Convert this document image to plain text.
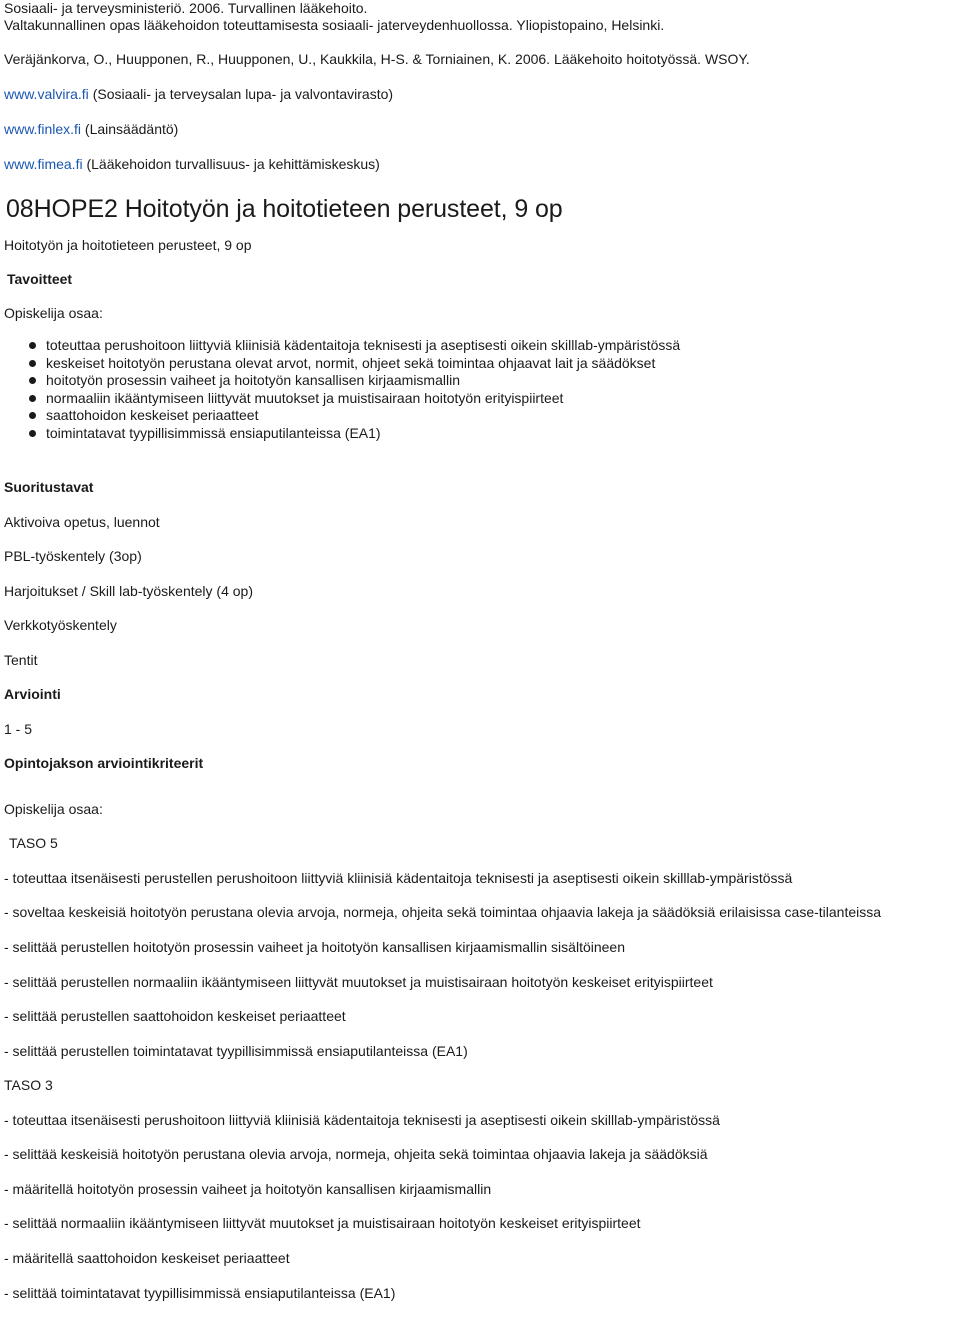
Sosiaali- ja terveysministeriö. 2006. Turvallinen lääkehoito.

Valtakunnallinen opas lääkehoidon toteuttamisesta sosiaali- jaterveydenhuollossa. Yliopistopaino, Helsinki.

Veräjänkorva, O., Huupponen, R., Huupponen, U., Kaukkila, H-S. & Torniainen, K. 2006. Lääkehoito hoitotyössä. WSOY.

www.valvira.fi (Sosiaali- ja terveysalan lupa- ja valvontavirasto)

www.finlex.fi (Lainsäädäntö)

www.fimea.fi (Lääkehoidon turvallisuus- ja kehittämiskeskus)

08HOPE2 Hoitotyön ja hoitotieteen perusteet, 9 op

Hoitotyön ja hoitotieteen perusteet, 9 op

Tavoitteet

Opiskelija osaa:

toteuttaa perushoitoon liittyviä kliinisiä kädentaitoja teknisesti ja aseptisesti oikein skilllab-ympäristössä
keskeiset hoitotyön perustana olevat arvot, normit, ohjeet sekä toimintaa ohjaavat lait ja säädökset
hoitotyön prosessin vaiheet ja hoitotyön kansallisen kirjaamismallin
normaaliin ikääntymiseen liittyvät muutokset ja muistisairaan hoitotyön erityispiirteet
saattohoidon keskeiset periaatteet
toimintatavat tyypillisimmissä ensiaputilanteissa (EA1)

Suoritustavat

Aktivoiva opetus, luennot

PBL-työskentely (3op)

Harjoitukset / Skill lab-työskentely (4 op)

Verkkotyöskentely

Tentit

Arviointi

1 - 5

Opintojakson arviointikriteerit

Opiskelija osaa:

TASO 5

- toteuttaa itsenäisesti perustellen perushoitoon liittyviä kliinisiä kädentaitoja teknisesti ja aseptisesti oikein skilllab-ympäristössä

- soveltaa keskeisiä hoitotyön perustana olevia arvoja, normeja, ohjeita sekä toimintaa ohjaavia lakeja ja säädöksiä erilaisissa case-tilanteissa

- selittää perustellen hoitotyön prosessin vaiheet ja hoitotyön kansallisen kirjaamismallin sisältöineen

- selittää perustellen normaaliin ikääntymiseen liittyvät muutokset ja muistisairaan hoitotyön keskeiset erityispiirteet

- selittää perustellen saattohoidon keskeiset periaatteet

- selittää perustellen toimintatavat tyypillisimmissä ensiaputilanteissa (EA1)

TASO 3

- toteuttaa itsenäisesti perushoitoon liittyviä kliinisiä kädentaitoja teknisesti ja aseptisesti oikein skilllab-ympäristössä

- selittää keskeisiä hoitotyön perustana olevia arvoja, normeja, ohjeita sekä toimintaa ohjaavia lakeja ja säädöksiä

- määritellä hoitotyön prosessin vaiheet ja hoitotyön kansallisen kirjaamismallin

- selittää normaaliin ikääntymiseen liittyvät muutokset ja muistisairaan hoitotyön keskeiset erityispiirteet

- määritellä saattohoidon keskeiset periaatteet

- selittää toimintatavat tyypillisimmissä ensiaputilanteissa (EA1)
